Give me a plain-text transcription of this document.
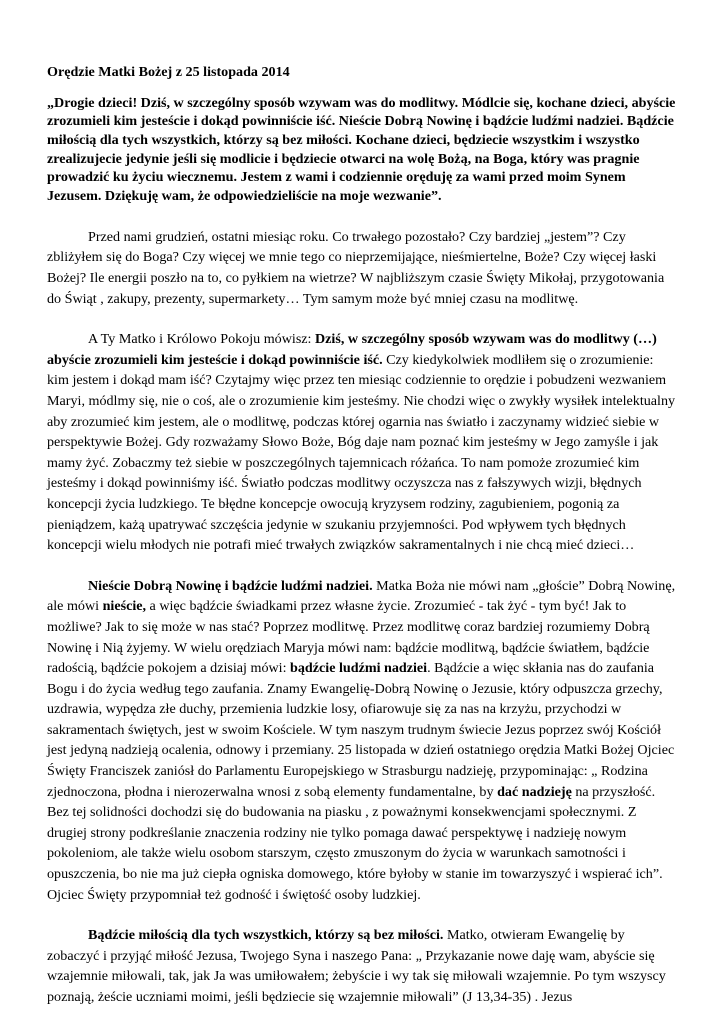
Orędzie Matki Bożej z 25 listopada 2014
„Drogie dzieci! Dziś, w szczególny sposób wzywam was do modlitwy. Módlcie się, kochane dzieci, abyście zrozumieli kim jesteście i dokąd powinniście iść. Nieście Dobrą Nowinę i bądźcie ludźmi nadziei. Bądźcie miłością dla tych wszystkich, którzy są bez miłości. Kochane dzieci, będziecie wszystkim i wszystko zrealizujecie jedynie jeśli się modlicie i będziecie otwarci na wolę Bożą, na Boga, który was pragnie prowadzić ku życiu wiecznemu. Jestem z wami i codziennie oręduję za wami przed moim Synem Jezusem. Dziękuję wam, że odpowiedzieliście na moje wezwanie”.

Przed nami grudzień, ostatni miesiąc roku. Co trwałego pozostało? Czy bardziej „jestem”? Czy zbliżyłem się do Boga? Czy więcej we mnie tego co nieprzemijające, nieśmiertelne, Boże? Czy więcej łaski Bożej? Ile energii poszło na to, co pyłkiem na wietrze? W najbliższym czasie Święty Mikołaj, przygotowania do Świąt , zakupy, prezenty, supermarkety… Tym samym może być mniej czasu na modlitwę.

A Ty Matko i Królowo Pokoju mówisz: Dziś, w szczególny sposób wzywam was do modlitwy (…) abyście zrozumieli kim jesteście i dokąd powinniście iść. Czy kiedykolwiek modliłem się o zrozumienie: kim jestem i dokąd mam iść? Czytajmy więc przez ten miesiąc codziennie to orędzie i pobudzeni wezwaniem Maryi, módlmy się, nie o coś, ale o zrozumienie kim jesteśmy. Nie chodzi więc o zwykły wysiłek intelektualny aby zrozumieć kim jestem, ale o modlitwę, podczas której ogarnia nas światło i zaczynamy widzieć siebie w perspektywie Bożej. Gdy rozważamy Słowo Boże, Bóg daje nam poznać kim jesteśmy w Jego zamyśle i jak mamy żyć. Zobaczmy też siebie w poszczególnych tajemnicach różańca. To nam pomoże zrozumieć kim jesteśmy i dokąd powinniśmy iść. Światło podczas modlitwy oczyszcza nas z fałszywych wizji, błędnych koncepcji życia ludzkiego. Te błędne koncepcje owocują kryzysem rodziny, zagubieniem, pogonią za pieniądzem, każą upatrywać szczęścia jedynie w szukaniu przyjemności. Pod wpływem tych błędnych koncepcji wielu młodych nie potrafi mieć trwałych związków sakramentalnych i nie chcą mieć dzieci…

Nieście Dobrą Nowinę i bądźcie ludźmi nadziei. Matka Boża nie mówi nam „głoście” Dobrą Nowinę, ale mówi nieście, a więc bądźcie świadkami przez własne życie. Zrozumieć - tak żyć - tym być! Jak to możliwe? Jak to się może w nas stać? Poprzez modlitwę. Przez modlitwę coraz bardziej rozumiemy Dobrą Nowinę i Nią żyjemy. W wielu orędziach Maryja mówi nam: bądźcie modlitwą, bądźcie światłem, bądźcie radością, bądźcie pokojem a dzisiaj mówi: bądźcie ludźmi nadziei. Bądźcie a więc skłania nas do zaufania Bogu i do życia według tego zaufania. Znamy Ewangelię-Dobrą Nowinę o Jezusie, który odpuszcza grzechy, uzdrawia, wypędza złe duchy, przemienia ludzkie losy, ofiarowuje się za nas na krzyżu, przychodzi w sakramentach świętych, jest w swoim Kościele. W tym naszym trudnym świecie Jezus poprzez swój Kościół jest jedyną nadzieją ocalenia, odnowy i przemiany. 25 listopada w dzień ostatniego orędzia Matki Bożej Ojciec Święty Franciszek zaniósł do Parlamentu Europejskiego w Strasburgu nadzieję, przypominając: „ Rodzina zjednoczona, płodna i nierozerwalna wnosi z sobą elementy fundamentalne, by dać nadzieję na przyszłość. Bez tej solidności dochodzi się do budowania na piasku , z poważnymi konsekwencjami społecznymi. Z drugiej strony podkreślanie znaczenia rodziny nie tylko pomaga dawać perspektywę i nadzieję nowym pokoleniom, ale także wielu osobom starszym, często zmuszonym do życia w warunkach samotności i opuszczenia, bo nie ma już ciepła ogniska domowego, które byłoby w stanie im towarzyszyć i wspierać ich”. Ojciec Święty przypomniał też godność i świętość osoby ludzkiej.

Bądźcie miłością dla tych wszystkich, którzy są bez miłości. Matko, otwieram Ewangelię by zobaczyć i przyjąć miłość Jezusa, Twojego Syna i naszego Pana: „ Przykazanie nowe daję wam, abyście się wzajemnie miłowali, tak, jak Ja was umiłowałem; żebyście i wy tak się miłowali wzajemnie. Po tym wszyscy poznają, żeście uczniami moimi, jeśli będziecie się wzajemnie miłowali” (J 13,34-35) . Jezus
